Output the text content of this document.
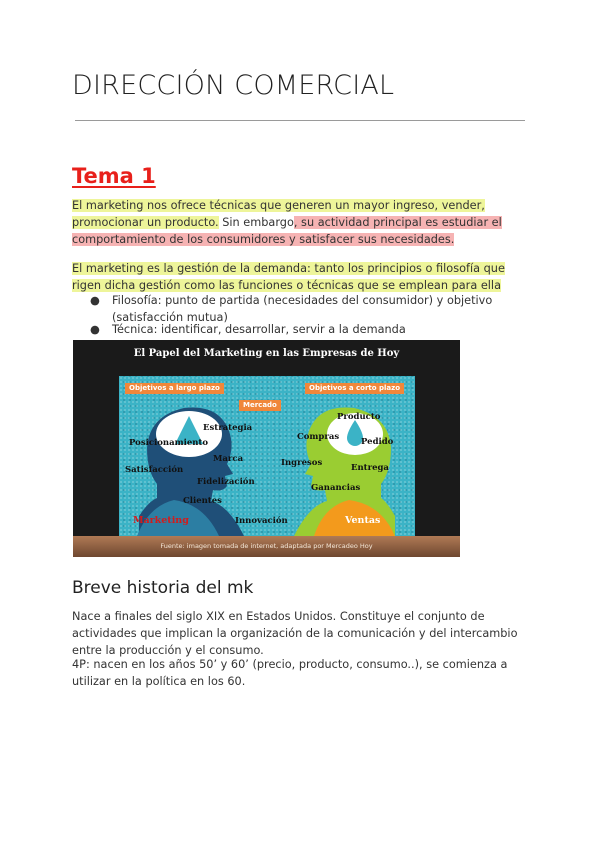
DIRECCIÓN COMERCIAL
Tema 1
El marketing nos ofrece técnicas que generen un mayor ingreso, vender, promocionar un producto. Sin embargo, su actividad principal es estudiar el comportamiento de los consumidores y satisfacer sus necesidades.
El marketing es la gestión de la demanda: tanto los principios o filosofía que rigen dicha gestión como las funciones o técnicas que se emplean para ella
● Filosofía: punto de partida (necesidades del consumidor) y objetivo (satisfacción mutua)
● Técnica: identificar, desarrollar, servir a la demanda
El Papel del Marketing en las Empresas de Hoy
Objetivos a largo plazo
Mercado
Objetivos a corto plazo
Estrategia
Posicionamiento
Marca
Satisfacción
Fidelización
Clientes
Innovación
Marketing
Producto
Compras	Pedido
Ingresos	Entrega
Ganancias
Ventas
Fuente: imagen tomada de internet, adaptada por Mercadeo Hoy
Breve historia del mk
Nace a finales del siglo XIX en Estados Unidos. Constituye el conjunto de actividades que implican la organización de la comunicación y del intercambio entre la producción y el consumo.
4P: nacen en los años 50’ y 60’ (precio, producto, consumo..), se comienza a utilizar en la política en los 60.
